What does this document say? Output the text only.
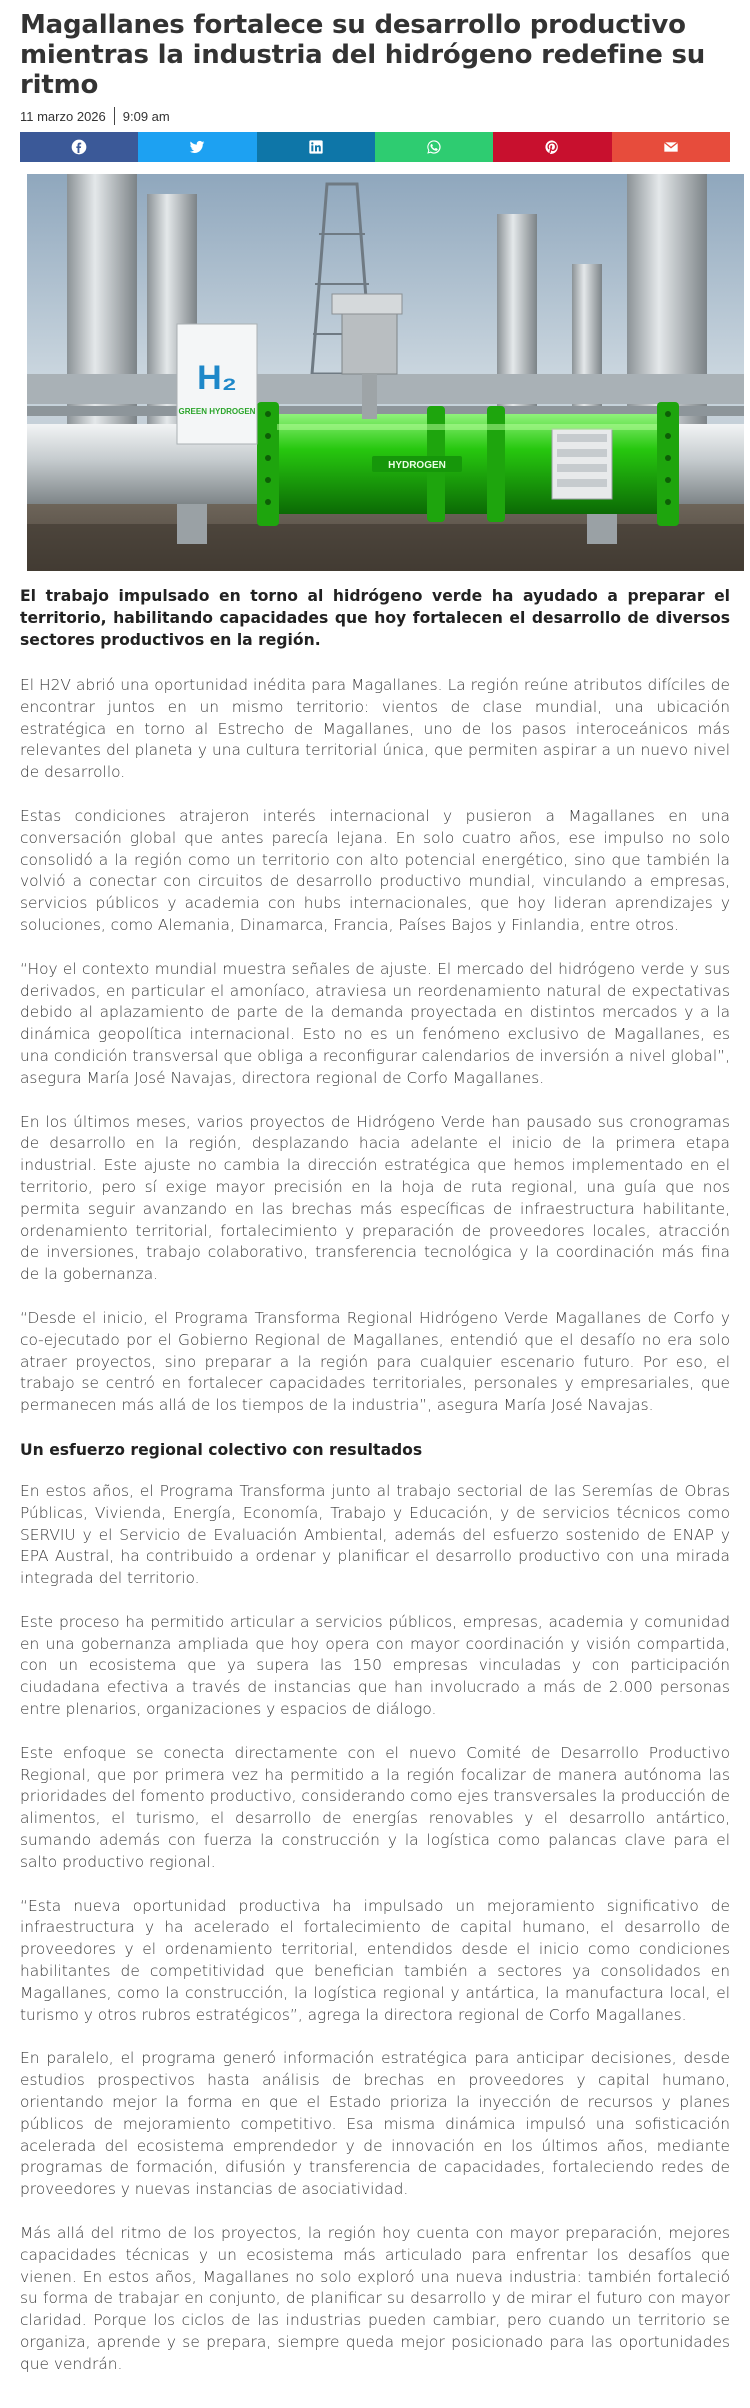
Magallanes fortalece su desarrollo productivo mientras la industria del hidrógeno redefine su ritmo
11 marzo 2026 9:09 am
H₂
GREEN HYDROGEN
HYDROGEN

El trabajo impulsado en torno al hidrógeno verde ha ayudado a preparar el territorio, habilitando capacidades que hoy fortalecen el desarrollo de diversos sectores productivos en la región.

El H2V abrió una oportunidad inédita para Magallanes. La región reúne atributos difíciles de encontrar juntos en un mismo territorio: vientos de clase mundial, una ubicación estratégica en torno al Estrecho de Magallanes, uno de los pasos interoceánicos más relevantes del planeta y una cultura territorial única, que permiten aspirar a un nuevo nivel de desarrollo.

Estas condiciones atrajeron interés internacional y pusieron a Magallanes en una conversación global que antes parecía lejana. En solo cuatro años, ese impulso no solo consolidó a la región como un territorio con alto potencial energético, sino que también la volvió a conectar con circuitos de desarrollo productivo mundial, vinculando a empresas, servicios públicos y academia con hubs internacionales, que hoy lideran aprendizajes y soluciones, como Alemania, Dinamarca, Francia, Países Bajos y Finlandia, entre otros.

“Hoy el contexto mundial muestra señales de ajuste. El mercado del hidrógeno verde y sus derivados, en particular el amoníaco, atraviesa un reordenamiento natural de expectativas debido al aplazamiento de parte de la demanda proyectada en distintos mercados y a la dinámica geopolítica internacional. Esto no es un fenómeno exclusivo de Magallanes, es una condición transversal que obliga a reconfigurar calendarios de inversión a nivel global”, asegura María José Navajas, directora regional de Corfo Magallanes.

En los últimos meses, varios proyectos de Hidrógeno Verde han pausado sus cronogramas de desarrollo en la región, desplazando hacia adelante el inicio de la primera etapa industrial. Este ajuste no cambia la dirección estratégica que hemos implementado en el territorio, pero sí exige mayor precisión en la hoja de ruta regional, una guía que nos permita seguir avanzando en las brechas más específicas de infraestructura habilitante, ordenamiento territorial, fortalecimiento y preparación de proveedores locales, atracción de inversiones, trabajo colaborativo, transferencia tecnológica y la coordinación más fina de la gobernanza.

“Desde el inicio, el Programa Transforma Regional Hidrógeno Verde Magallanes de Corfo y co-ejecutado por el Gobierno Regional de Magallanes, entendió que el desafío no era solo atraer proyectos, sino preparar a la región para cualquier escenario futuro. Por eso, el trabajo se centró en fortalecer capacidades territoriales, personales y empresariales, que permanecen más allá de los tiempos de la industria”, asegura María José Navajas.

Un esfuerzo regional colectivo con resultados

En estos años, el Programa Transforma junto al trabajo sectorial de las Seremías de Obras Públicas, Vivienda, Energía, Economía, Trabajo y Educación, y de servicios técnicos como SERVIU y el Servicio de Evaluación Ambiental, además del esfuerzo sostenido de ENAP y EPA Austral, ha contribuido a ordenar y planificar el desarrollo productivo con una mirada integrada del territorio.

Este proceso ha permitido articular a servicios públicos, empresas, academia y comunidad en una gobernanza ampliada que hoy opera con mayor coordinación y visión compartida, con un ecosistema que ya supera las 150 empresas vinculadas y con participación ciudadana efectiva a través de instancias que han involucrado a más de 2.000 personas entre plenarios, organizaciones y espacios de diálogo.

Este enfoque se conecta directamente con el nuevo Comité de Desarrollo Productivo Regional, que por primera vez ha permitido a la región focalizar de manera autónoma las prioridades del fomento productivo, considerando como ejes transversales la producción de alimentos, el turismo, el desarrollo de energías renovables y el desarrollo antártico, sumando además con fuerza la construcción y la logística como palancas clave para el salto productivo regional.

“Esta nueva oportunidad productiva ha impulsado un mejoramiento significativo de infraestructura y ha acelerado el fortalecimiento de capital humano, el desarrollo de proveedores y el ordenamiento territorial, entendidos desde el inicio como condiciones habilitantes de competitividad que benefician también a sectores ya consolidados en Magallanes, como la construcción, la logística regional y antártica, la manufactura local, el turismo y otros rubros estratégicos”, agrega la directora regional de Corfo Magallanes.

En paralelo, el programa generó información estratégica para anticipar decisiones, desde estudios prospectivos hasta análisis de brechas en proveedores y capital humano, orientando mejor la forma en que el Estado prioriza la inyección de recursos y planes públicos de mejoramiento competitivo. Esa misma dinámica impulsó una sofisticación acelerada del ecosistema emprendedor y de innovación en los últimos años, mediante programas de formación, difusión y transferencia de capacidades, fortaleciendo redes de proveedores y nuevas instancias de asociatividad.

Más allá del ritmo de los proyectos, la región hoy cuenta con mayor preparación, mejores capacidades técnicas y un ecosistema más articulado para enfrentar los desafíos que vienen. En estos años, Magallanes no solo exploró una nueva industria: también fortaleció su forma de trabajar en conjunto, de planificar su desarrollo y de mirar el futuro con mayor claridad. Porque los ciclos de las industrias pueden cambiar, pero cuando un territorio se organiza, aprende y se prepara, siempre queda mejor posicionado para las oportunidades que vendrán.
